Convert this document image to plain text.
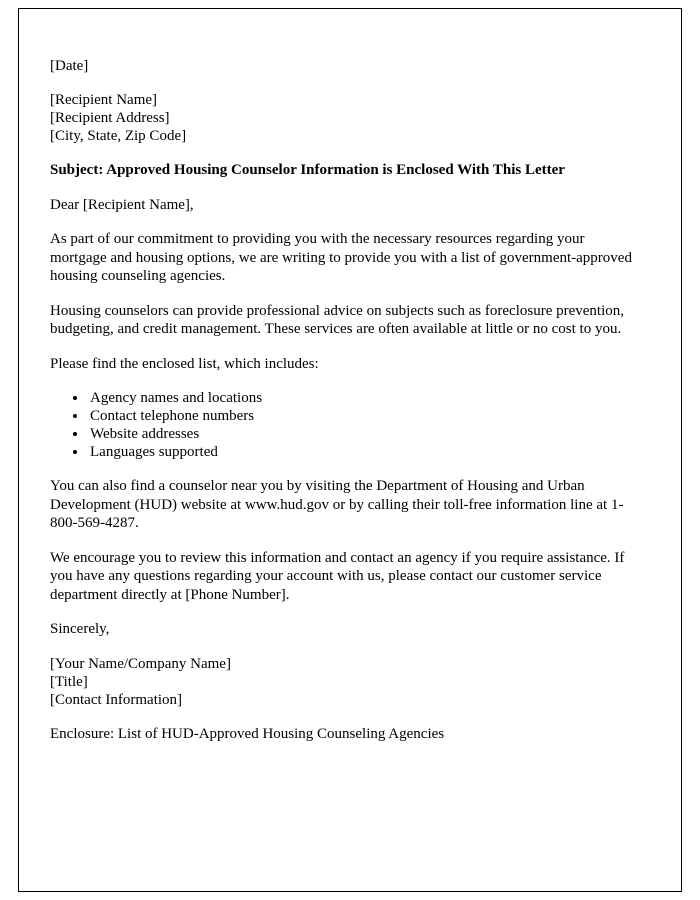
[Date]

[Recipient Name]

[Recipient Address]

[City, State, Zip Code]

Subject: Approved Housing Counselor Information is Enclosed With This Letter

Dear [Recipient Name],

As part of our commitment to providing you with the necessary resources regarding your mortgage and housing options, we are writing to provide you with a list of government-approved housing counseling agencies.

Housing counselors can provide professional advice on subjects such as foreclosure prevention, budgeting, and credit management. These services are often available at little or no cost to you.

Please find the enclosed list, which includes:

• Agency names and locations
• Contact telephone numbers
• Website addresses
• Languages supported

You can also find a counselor near you by visiting the Department of Housing and Urban Development (HUD) website at www.hud.gov or by calling their toll-free information line at 1-800-569-4287.

We encourage you to review this information and contact an agency if you require assistance. If you have any questions regarding your account with us, please contact our customer service department directly at [Phone Number].

Sincerely,

[Your Name/Company Name]

[Title]

[Contact Information]

Enclosure: List of HUD-Approved Housing Counseling Agencies
